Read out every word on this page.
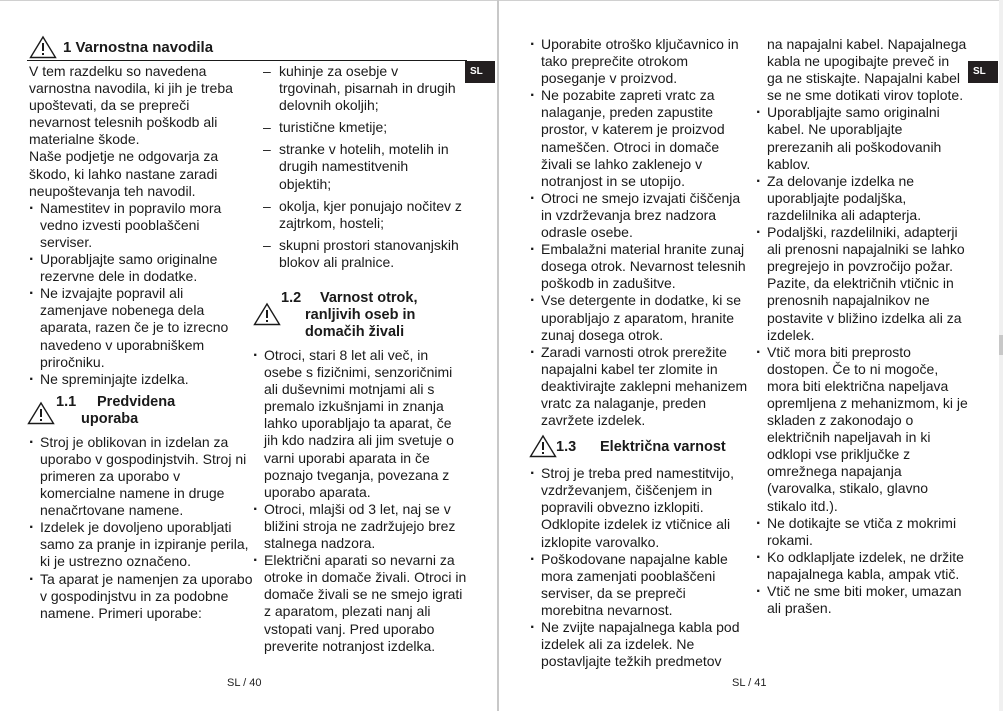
1 Varnostna navodila
SL

V tem razdelku so navedena varnostna navodila, ki jih je treba upoštevati, da se prepreči nevarnost telesnih poškodb ali materialne škode.

Naše podjetje ne odgovarja za škodo, ki lahko nastane zaradi neupoštevanja teh navodil.

· Namestitev in popravilo mora vedno izvesti pooblaščeni serviser.
· Uporabljajte samo originalne rezervne dele in dodatke.
· Ne izvajajte popravil ali zamenjave nobenega dela aparata, razen če je to izrecno navedeno v uporabniškem priročniku.
· Ne spreminjajte izdelka.
1.1 Predvidena
uporaba
· Stroj je oblikovan in izdelan za uporabo v gospodinjstvih. Stroj ni primeren za uporabo v komercialne namene in druge nenačrtovane namene.
· Izdelek je dovoljeno uporabljati samo za pranje in izpiranje perila, ki je ustrezno označeno.
· Ta aparat je namenjen za uporabo v gospodinjstvu in za podobne namene. Primeri uporabe:
– kuhinje za osebje v trgovinah, pisarnah in drugih delovnih okoljih;
– turistične kmetije;
– stranke v hotelih, motelih in drugih namestitvenih objektih;
– okolja, kjer ponujajo nočitev z zajtrkom, hosteli;
– skupni prostori stanovanjskih blokov ali pralnice.
1.2 Varnost otrok,
ranljivih oseb in
domačih živali
· Otroci, stari 8 let ali več, in osebe s fizičnimi, senzoričnimi ali duševnimi motnjami ali s premalo izkušnjami in znanja lahko uporabljajo ta aparat, če jih kdo nadzira ali jim svetuje o varni uporabi aparata in če poznajo tveganja, povezana z uporabo aparata.
· Otroci, mlajši od 3 let, naj se v bližini stroja ne zadržujejo brez stalnega nadzora.
· Električni aparati so nevarni za otroke in domače živali. Otroci in domače živali se ne smejo igrati z aparatom, plezati nanj ali vstopati vanj. Pred uporabo preverite notranjost izdelka.
SL / 40
SL
· Uporabite otroško ključavnico in tako preprečite otrokom poseganje v proizvod.
· Ne pozabite zapreti vratc za nalaganje, preden zapustite prostor, v katerem je proizvod nameščen. Otroci in domače živali se lahko zaklenejo v notranjost in se utopijo.
· Otroci ne smejo izvajati čiščenja in vzdrževanja brez nadzora odrasle osebe.
· Embalažni material hranite zunaj dosega otrok. Nevarnost telesnih poškodb in zadušitve.
· Vse detergente in dodatke, ki se uporabljajo z aparatom, hranite zunaj dosega otrok.
· Zaradi varnosti otrok prerežite napajalni kabel ter zlomite in deaktivirajte zaklepni mehanizem vratc za nalaganje, preden zavržete izdelek.
1.3 Električna varnost
· Stroj je treba pred namestitvijo, vzdrževanjem, čiščenjem in popravili obvezno izklopiti. Odklopite izdelek iz vtičnice ali izklopite varovalko.
· Poškodovane napajalne kable mora zamenjati pooblaščeni serviser, da se prepreči morebitna nevarnost.
· Ne zvijte napajalnega kabla pod izdelek ali za izdelek. Ne postavljajte težkih predmetov

na napajalni kabel. Napajalnega kabla ne upogibajte preveč in ga ne stiskajte. Napajalni kabel se ne sme dotikati virov toplote.

· Uporabljajte samo originalni kabel. Ne uporabljajte prerezanih ali poškodovanih kablov.
· Za delovanje izdelka ne uporabljajte podaljška, razdelilnika ali adapterja.
· Podaljški, razdelilniki, adapterji ali prenosni napajalniki se lahko pregrejejo in povzročijo požar. Pazite, da električnih vtičnic in prenosnih napajalnikov ne postavite v bližino izdelka ali za izdelek.
· Vtič mora biti preprosto dostopen. Če to ni mogoče, mora biti električna napeljava opremljena z mehanizmom, ki je skladen z zakonodajo o električnih napeljavah in ki odklopi vse priključke z omrežnega napajanja (varovalka, stikalo, glavno stikalo itd.).
· Ne dotikajte se vtiča z mokrimi rokami.
· Ko odklapljate izdelek, ne držite napajalnega kabla, ampak vtič.
· Vtič ne sme biti moker, umazan ali prašen.
SL / 41
